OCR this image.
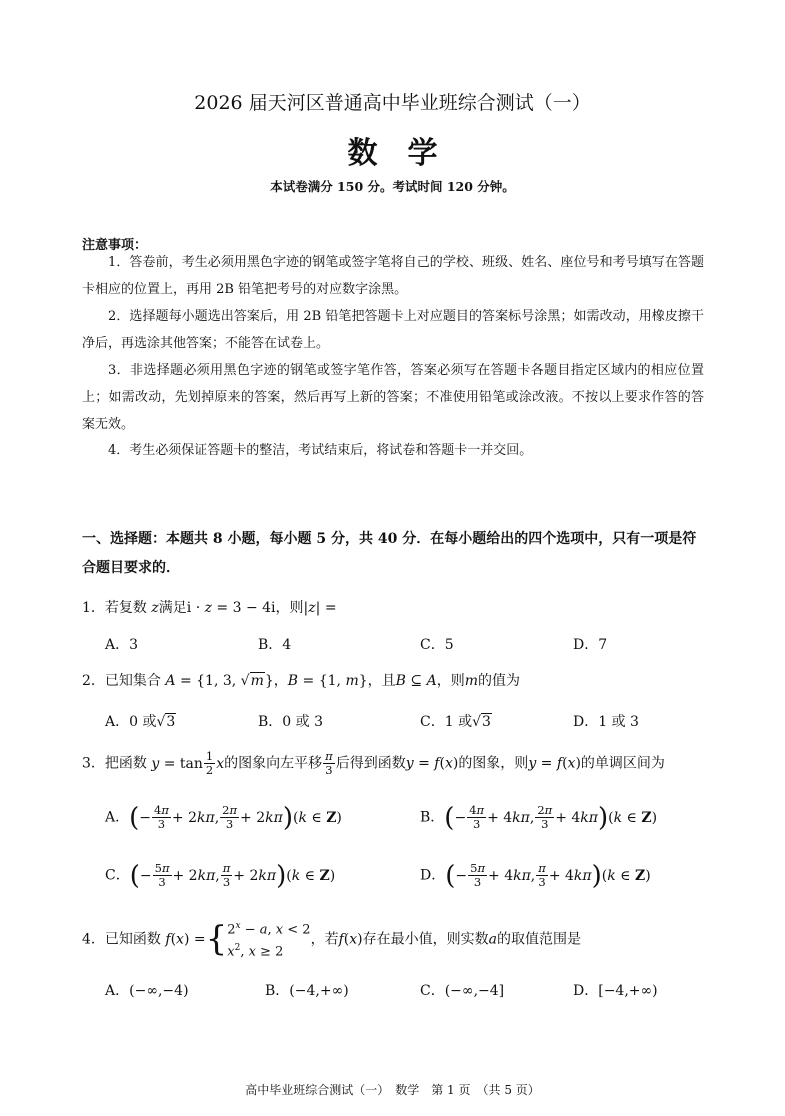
2026 届天河区普通高中毕业班综合测试（一）
数学
本试卷满分 150 分。考试时间 120 分钟。
注意事项：
1．答卷前，考生必须用黑色字迹的钢笔或签字笔将自己的学校、班级、姓名、座位号和考号填写在答题卡相应的位置上，再用 2B 铅笔把考号的对应数字涂黑。
2．选择题每小题选出答案后，用 2B 铅笔把答题卡上对应题目的答案标号涂黑；如需改动，用橡皮擦干净后，再选涂其他答案；不能答在试卷上。
3．非选择题必须用黑色字迹的钢笔或签字笔作答，答案必须写在答题卡各题目指定区域内的相应位置上；如需改动，先划掉原来的答案，然后再写上新的答案；不准使用铅笔或涂改液。不按以上要求作答的答案无效。
4．考生必须保证答题卡的整洁，考试结束后，将试卷和答题卡一并交回。
一、选择题：本题共 8 小题，每小题 5 分，共 40 分．在每小题给出的四个选项中，只有一项是符合题目要求的．
1．若复数 z满足i · z = 3 − 4i，则|z| =
A．3	B．4	C．5	D．7
2．已知集合 A = {1, 3, √m}，B = {1, m}，且B ⊆ A，则m的值为
A．0 或√3	B．0 或 3	C．1 或√3	D．1 或 3
3．把函数 $y = \tan \frac{1}{2}$ x的图象向左平移 $\frac{\pi}{3}$ 后得到函数y = f(x)的图象，则y = f(x)的单调区间为
A．(− $\frac{4\pi}{3} + 2k\pi$, $\frac{2\pi}{3} + 2k\pi)(k$ ∈ Z)	B．(− $\frac{4\pi}{3} + 4k\pi$, $\frac{2\pi}{3} + 4k\pi)(k$ ∈ Z)
C．(− $\frac{5\pi}{3} + 2k\pi$, $\frac{\pi}{3} + 2k\pi)(k$ ∈ Z)	D．(− $\frac{5\pi}{3} + 4k\pi$, $\frac{\pi}{3} + 4k\pi)(k$ ∈ Z)
4．已知函数 f(x) ={ $2^x - a$, x < 2
$x^2$, x ≥ 2
，若f(x)存在最小值，则实数a的取值范围是
A．(−∞,−4)	B．(−4,+∞)	C．(−∞,−4]	D．[−4,+∞)
高中毕业班综合测试（一）　数学　第 1 页　（共 5 页）
